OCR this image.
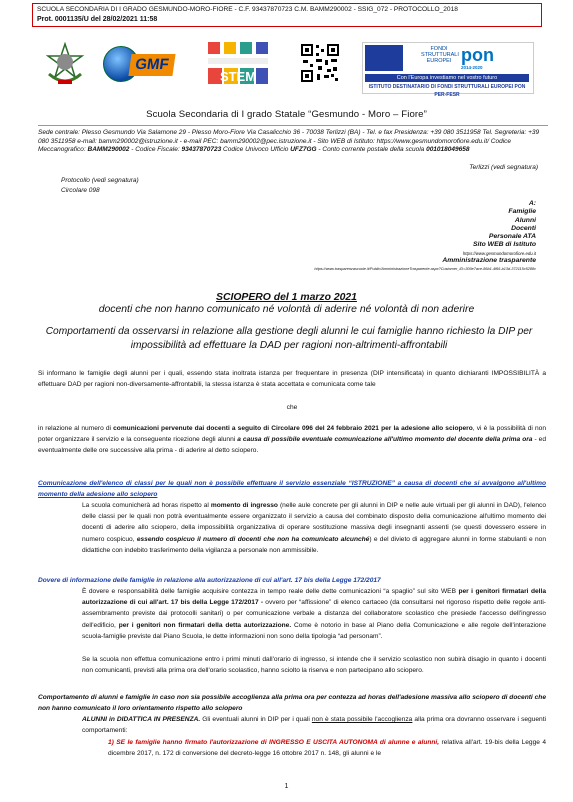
SCUOLA SECONDARIA DI I GRADO GESMUNDO-MORO-FIORE - C.F. 93437870723 C.M. BAMM290002 - SSIG_072 - PROTOCOLLO_2018
Prot. 0001135/U del 28/02/2021 11:58
GMF
STEM
FONDI STRUTTURALI EUROPEI pon
2014-2020
Con l'Europa investiamo nel vostro futuro
ISTITUTO DESTINATARIO DI FONDI STRUTTURALI EUROPEI PON PER-FESR
Scuola Secondaria di I grado Statale “Gesmundo - Moro – Fiore”
Sede centrale: Plesso Gesmundo Via Salamone 29 - Plesso Moro-Fiore Via Casalicchio 36 - 70038 Terlizzi (BA) - Tel. e fax Presidenza: +39 080 3511958 Tel. Segreteria: +39 080 3511958 e-mail: bamm290002@istruzione.it - e-mail PEC: bamm290002@pec.istruzione.it - Sito WEB di Istituto: https://www.gesmundomorofiore.edu.it/ Codice Meccanografico: BAMM290002 - Codice Fiscale: 93437870723 Codice Univoco Ufficio UFZ7GG - Conto corrente postale della scuola 001018049658
Terlizzi (vedi segnatura)
Protocollo (vedi segnatura)
Circolare 098
A:
Famiglie
Alunni
Docenti
Personale ATA
Sito WEB di Istituto
https://www.gesmundomorofiore.edu.it
Amministrazione trasparente
https://www.trasparenzascuole.it/Public/AmministrazioneTrasparente.aspx?Customer_ID=300e7ace-86b1-4f66-b13d-372115c5288c
SCIOPERO del 1 marzo 2021
docenti che non hanno comunicato né volontà di aderire né volontà di non aderire
Comportamenti da osservarsi in relazione alla gestione degli alunni le cui famiglie hanno richiesto la DIP per impossibilità ad effettuare la DAD per ragioni non-altrimenti-affrontabili
Si informano le famiglie degli alunni per i quali, essendo stata inoltrata istanza per frequentare in presenza (DIP intensificata) in quanto dichiaranti IMPOSSIBILITÀ a effettuare DAD per ragioni non-diversamente-affrontabili, la stessa istanza è stata accettata e comunicata come tale
che
in relazione al numero di comunicazioni pervenute dai docenti a seguito di Circolare 096 del 24 febbraio 2021 per la adesione allo sciopero, vi è la possibilità di non poter organizzare il servizio e la conseguente ricezione degli alunni a causa di possibile eventuale comunicazione all'ultimo momento del docente della prima ora - ed eventualmente delle ore successive alla prima - di aderire al detto sciopero.
Comunicazione dell'elenco di classi per le quali non è possibile effettuare il servizio essenziale “ISTRUZIONE” a causa di docenti che si avvalgono all'ultimo momento della adesione allo sciopero
La scuola comunicherà ad horas rispetto al momento di ingresso (nelle aule concrete per gli alunni in DIP e nelle aule virtuali per gli alunni in DAD), l'elenco delle classi per le quali non potrà eventualmente essere organizzato il servizio a causa del combinato disposto della comunicazione all'ultimo momento dei docenti di aderire allo sciopero, della impossibilità organizzativa di operare sostituzione massiva degli insegnanti assenti (se questi dovessero essere in numero cospicuo, essendo cospicuo il numero di docenti che non ha comunicato alcunché) e del divieto di aggregare alunni in forme stabulanti e non didattiche con indebito trasferimento della vigilanza a personale non ammissibile.
Dovere di informazione delle famiglie in relazione alla autorizzazione di cui all'art. 17 bis della Legge 172/2017
È dovere e responsabilità delle famiglie acquisire contezza in tempo reale delle dette comunicazioni “a spaglio” sul sito WEB per i genitori firmatari della autorizzazione di cui all'art. 17 bis della Legge 172/2017 - ovvero per “affissione” di elenco cartaceo (da consultarsi nel rigoroso rispetto delle regole anti-assembramento previste dai protocolli sanitari) o per comunicazione verbale a distanza del collaboratore scolastico che presiede l'accesso dell'ingresso dell'edificio, per i genitori non firmatari della detta autorizzazione. Come è notorio in base al Piano della Comunicazione e alle regole dell'interazione scuola-famiglie previste dal Piano Scuola, le dette informazioni non sono della tipologia “ad personam”.
Se la scuola non effettua comunicazione entro i primi minuti dall'orario di ingresso, si intende che il servizio scolastico non subirà disagio in quanto i docenti non comunicanti, previsti alla prima ora dell'orario scolastico, hanno sciolto la riserva e non partecipano allo sciopero.
Comportamento di alunni e famiglie in caso non sia possibile accoglienza alla prima ora per contezza ad horas dell'adesione massiva allo sciopero di docenti che non hanno comunicato il loro orientamento rispetto allo sciopero
ALUNNI in DIDATTICA IN PRESENZA. Gli eventuali alunni in DIP per i quali non è stata possibile l'accoglienza alla prima ora dovranno osservare i seguenti comportamenti:
1) SE le famiglie hanno firmato l'autorizzazione di INGRESSO E USCITA AUTONOMA di alunne e alunni, relativa all'art. 19-bis della Legge 4 dicembre 2017, n. 172 di conversione del decreto-legge 16 ottobre 2017 n. 148, gli alunni e le
1
